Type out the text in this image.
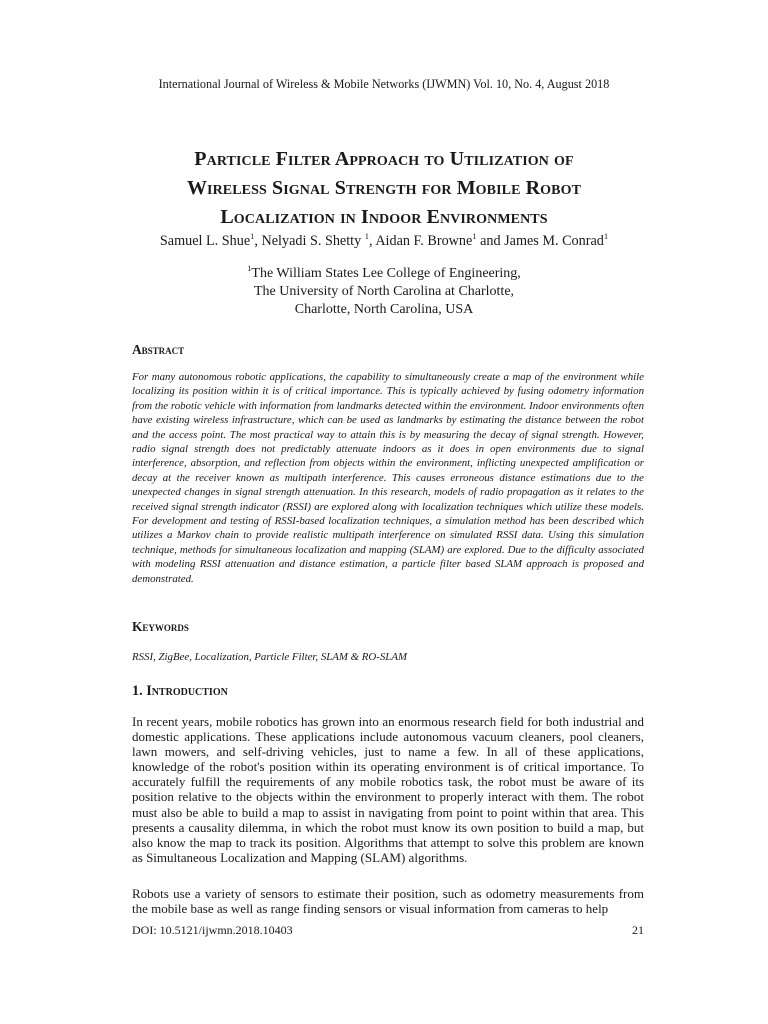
International Journal of Wireless & Mobile Networks (IJWMN) Vol. 10, No. 4, August 2018
Particle Filter Approach to Utilization of
Wireless Signal Strength for Mobile Robot
Localization in Indoor Environments
Samuel L. Shue$^1$, Nelyadi S. Shetty $^1$, Aidan F. Browne$^1$ and James M. Conrad$^1$
$^1$The William States Lee College of Engineering,
The University of North Carolina at Charlotte,
Charlotte, North Carolina, USA
Abstract
For many autonomous robotic applications, the capability to simultaneously create a map of the environment while localizing its position within it is of critical importance. This is typically achieved by fusing odometry information from the robotic vehicle with information from landmarks detected within the environment. Indoor environments often have existing wireless infrastructure, which can be used as landmarks by estimating the distance between the robot and the access point. The most practical way to attain this is by measuring the decay of signal strength. However, radio signal strength does not predictably attenuate indoors as it does in open environments due to signal interference, absorption, and reflection from objects within the environment, inflicting unexpected amplification or decay at the receiver known as multipath interference. This causes erroneous distance estimations due to the unexpected changes in signal strength attenuation. In this research, models of radio propagation as it relates to the received signal strength indicator (RSSI) are explored along with localization techniques which utilize these models. For development and testing of RSSI-based localization techniques, a simulation method has been described which utilizes a Markov chain to provide realistic multipath interference on simulated RSSI data. Using this simulation technique, methods for simultaneous localization and mapping (SLAM) are explored. Due to the difficulty associated with modeling RSSI attenuation and distance estimation, a particle filter based SLAM approach is proposed and demonstrated.
Keywords
RSSI, ZigBee, Localization, Particle Filter, SLAM & RO-SLAM
1. Introduction
In recent years, mobile robotics has grown into an enormous research field for both industrial and domestic applications. These applications include autonomous vacuum cleaners, pool cleaners, lawn mowers, and self-driving vehicles, just to name a few. In all of these applications, knowledge of the robot's position within its operating environment is of critical importance. To accurately fulfill the requirements of any mobile robotics task, the robot must be aware of its position relative to the objects within the environment to properly interact with them. The robot must also be able to build a map to assist in navigating from point to point within that area. This presents a causality dilemma, in which the robot must know its own position to build a map, but also know the map to track its position. Algorithms that attempt to solve this problem are known as Simultaneous Localization and Mapping (SLAM) algorithms.
Robots use a variety of sensors to estimate their position, such as odometry measurements from the mobile base as well as range finding sensors or visual information from cameras to help
DOI: 10.5121/ijwmn.2018.10403	21
